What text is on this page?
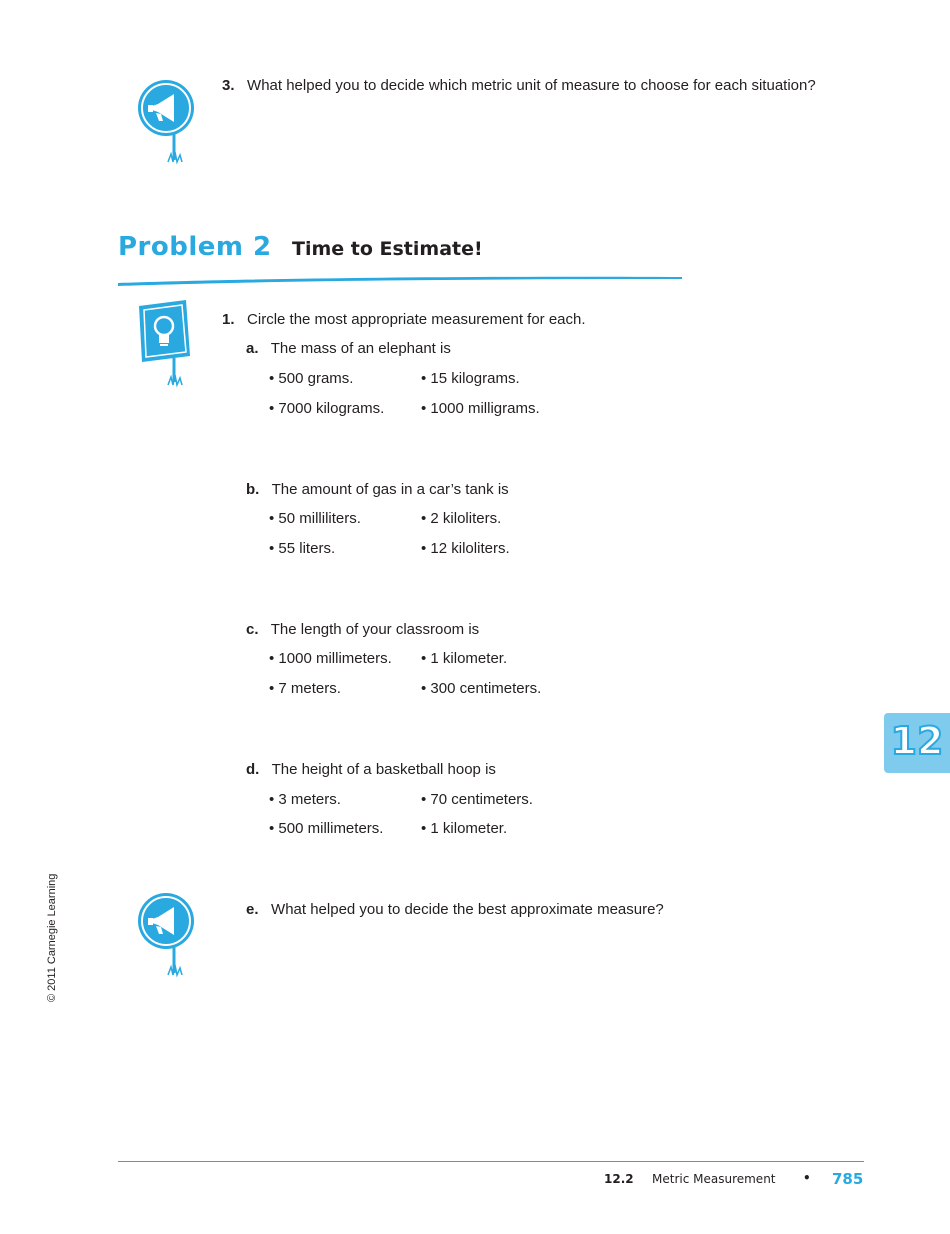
3. What helped you to decide which metric unit of measure to choose for each situation?
Problem 2 Time to Estimate!
1. Circle the most appropriate measurement for each.
a. The mass of an elephant is
• 500 grams.	• 15 kilograms.
• 7000 kilograms. • 1000 milligrams.
b. The amount of gas in a car’s tank is
• 50 milliliters.	• 2 kiloliters.
• 55 liters.	• 12 kiloliters.
c. The length of your classroom is
• 1000 millimeters. • 1 kilometer.
• 7 meters.	• 300 centimeters.
d. The height of a basketball hoop is
• 3 meters.	• 70 centimeters.
• 500 millimeters.	• 1 kilometer.
12
e. What helped you to decide the best approximate measure?
© 2011 Carnegie Learning
12.2 Metric Measurement • 785
